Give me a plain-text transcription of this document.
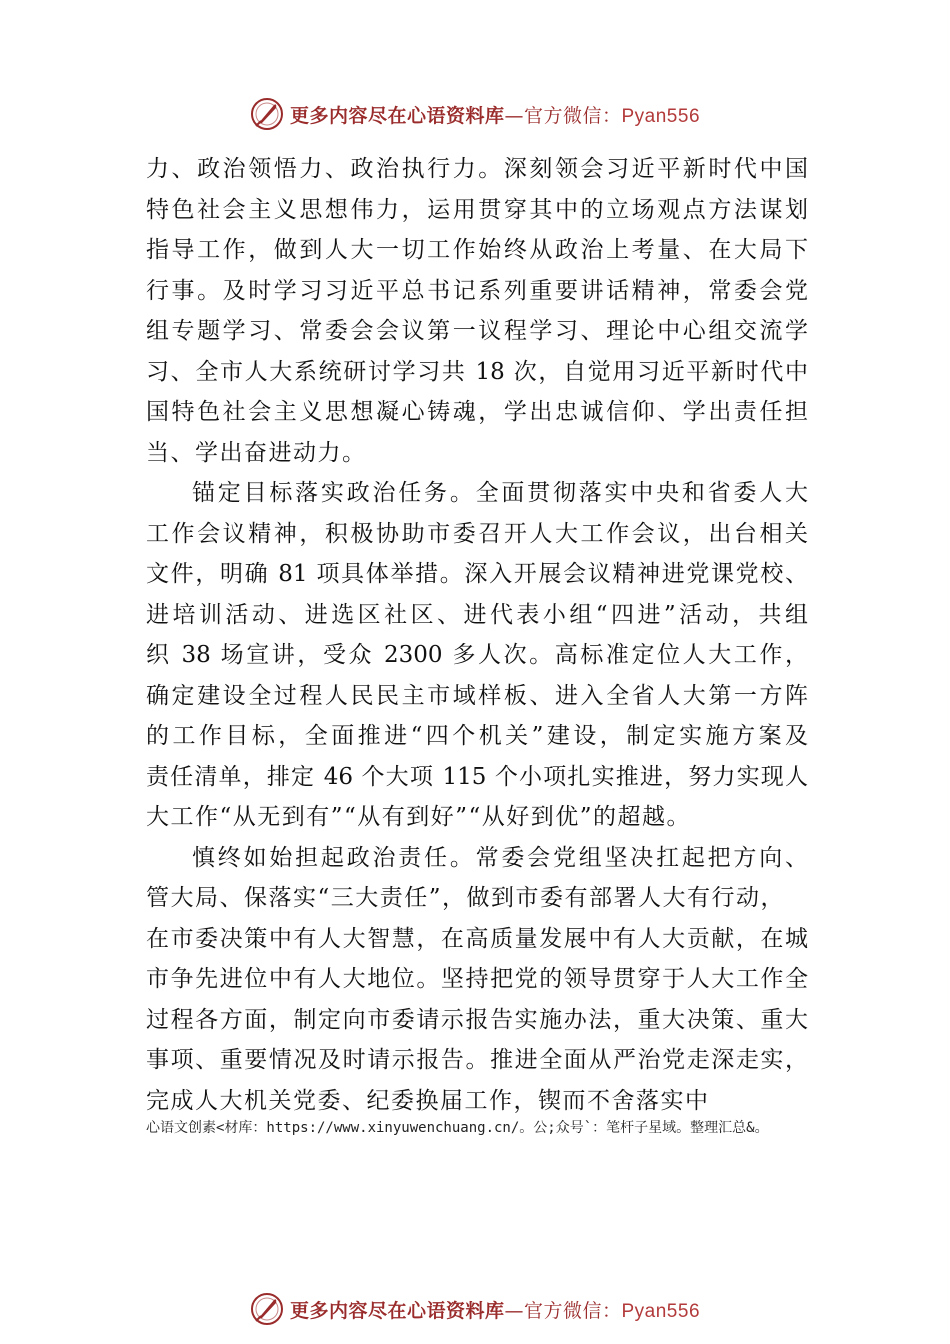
更多内容尽在心语资料库—官方微信：Pyan556
力、政治领悟力、政治执行力。深刻领会习近平新时代中国
特色社会主义思想伟力，运用贯穿其中的立场观点方法谋划
指导工作，做到人大一切工作始终从政治上考量、在大局下
行事。及时学习习近平总书记系列重要讲话精神，常委会党
组专题学习、常委会会议第一议程学习、理论中心组交流学
习、全市人大系统研讨学习共 18 次，自觉用习近平新时代中
国特色社会主义思想凝心铸魂，学出忠诚信仰、学出责任担
当、学出奋进动力。
锚定目标落实政治任务。全面贯彻落实中央和省委人大
工作会议精神，积极协助市委召开人大工作会议，出台相关
文件，明确 81 项具体举措。深入开展会议精神进党课党校、
进培训活动、进选区社区、进代表小组“四进”活动，共组
织 38 场宣讲，受众 2300 多人次。高标准定位人大工作，
确定建设全过程人民民主市域样板、进入全省人大第一方阵
的工作目标，全面推进“四个机关”建设，制定实施方案及
责任清单，排定 46 个大项 115 个小项扎实推进，努力实现人
大工作“从无到有”“从有到好”“从好到优”的超越。
慎终如始担起政治责任。常委会党组坚决扛起把方向、
管大局、保落实“三大责任”，做到市委有部署人大有行动，
在市委决策中有人大智慧，在高质量发展中有人大贡献，在城
市争先进位中有人大地位。坚持把党的领导贯穿于人大工作全
过程各方面，制定向市委请示报告实施办法，重大决策、重大
事项、重要情况及时请示报告。推进全面从严治党走深走实，
完成人大机关党委、纪委换届工作，锲而不舍落实中
心语文创素<材库：https://www.xinyuwenchuang.cn/。公;众号`：笔杆子星域。整理汇总&。
更多内容尽在心语资料库—官方微信：Pyan556
